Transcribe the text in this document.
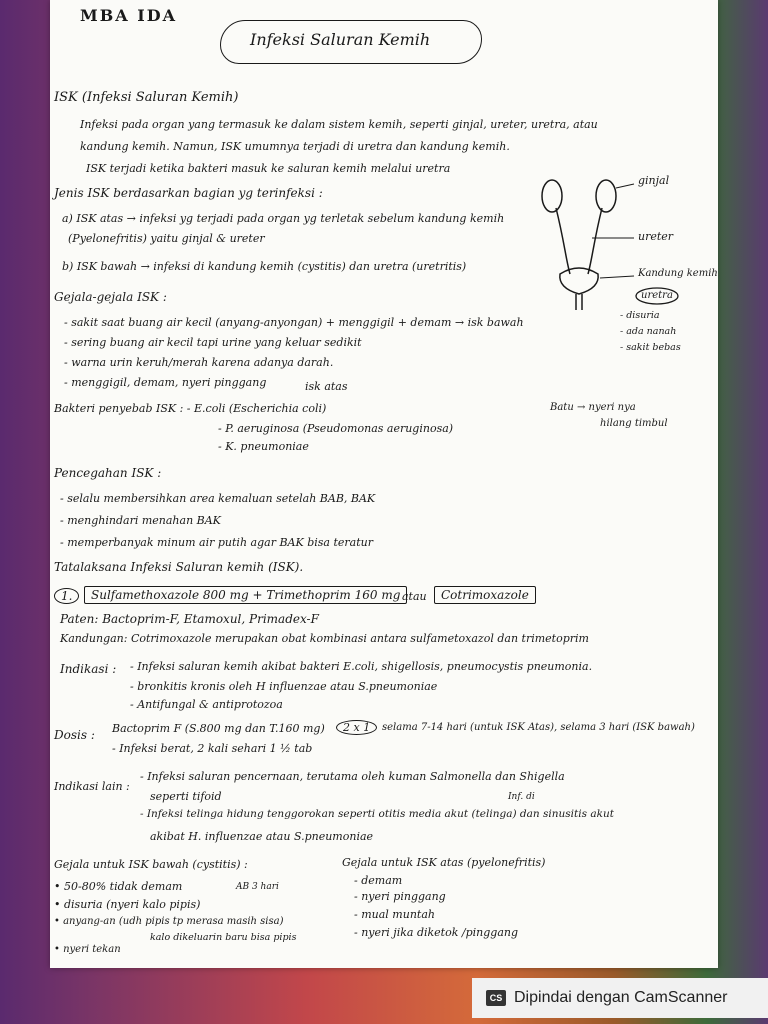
MBA IDA
Infeksi Saluran Kemih
ISK (Infeksi Saluran Kemih)
Infeksi pada organ yang termasuk ke dalam sistem kemih, seperti ginjal, ureter, uretra, atau
kandung kemih. Namun, ISK umumnya terjadi di uretra dan kandung kemih.
ISK terjadi ketika bakteri masuk ke saluran kemih melalui uretra
Jenis ISK berdasarkan bagian yg terinfeksi :
a) ISK atas → infeksi yg terjadi pada organ yg terletak sebelum kandung kemih
(Pyelonefritis) yaitu ginjal & ureter
b) ISK bawah → infeksi di kandung kemih (cystitis) dan uretra (uretritis)
Gejala-gejala ISK :
- sakit saat buang air kecil (anyang-anyongan) + menggigil + demam → isk bawah
- sering buang air kecil tapi urine yang keluar sedikit
- warna urin keruh/merah karena adanya darah.
- menggigil, demam, nyeri pinggang	isk atas
Bakteri penyebab ISK : - E.coli (Escherichia coli)
- P. aeruginosa (Pseudomonas aeruginosa)
- K. pneumoniae
Batu → nyeri nya
hilang timbul
Pencegahan ISK :
- selalu membersihkan area kemaluan setelah BAB, BAK
- menghindari menahan BAK
- memperbanyak minum air putih agar BAK bisa teratur
Tatalaksana Infeksi Saluran kemih (ISK).
1.	Sulfamethoxazole 800 mg + Trimethoprim 160 mg atau	Cotrimoxazole
Paten: Bactoprim-F, Etamoxul, Primadex-F
Kandungan: Cotrimoxazole merupakan obat kombinasi antara sulfametoxazol dan trimetoprim
Indikasi : - Infeksi saluran kemih akibat bakteri E.coli, shigellosis, pneumocystis pneumonia.
- bronkitis kronis oleh H influenzae atau S.pneumoniae
- Antifungal & antiprotozoa
Dosis : Bactoprim F (S.800 mg dan T.160 mg)	2 x 1	selama 7-14 hari (untuk ISK Atas), selama 3 hari (ISK bawah)
- Infeksi berat, 2 kali sehari 1 ½ tab
Indikasi lain :
- Infeksi saluran pencernaan, terutama oleh kuman Salmonella dan Shigella
seperti tifoid	Inf. di
- Infeksi telinga hidung tenggorokan seperti otitis media akut (telinga) dan sinusitis akut
akibat H. influenzae atau S.pneumoniae
Gejala untuk ISK bawah (cystitis) :
• 50-80% tidak demam	AB 3 hari
• disuria (nyeri kalo pipis)
• anyang-an (udh pipis tp merasa masih sisa)
kalo dikeluarin baru bisa pipis
• nyeri tekan
Gejala untuk ISK atas (pyelonefritis)
- demam
- nyeri pinggang
- mual muntah
- nyeri jika diketok /pinggang
ginjal
ureter
Kandung kemih
uretra
- disuria
- ada nanah
- sakit bebas
CS Dipindai dengan CamScanner
